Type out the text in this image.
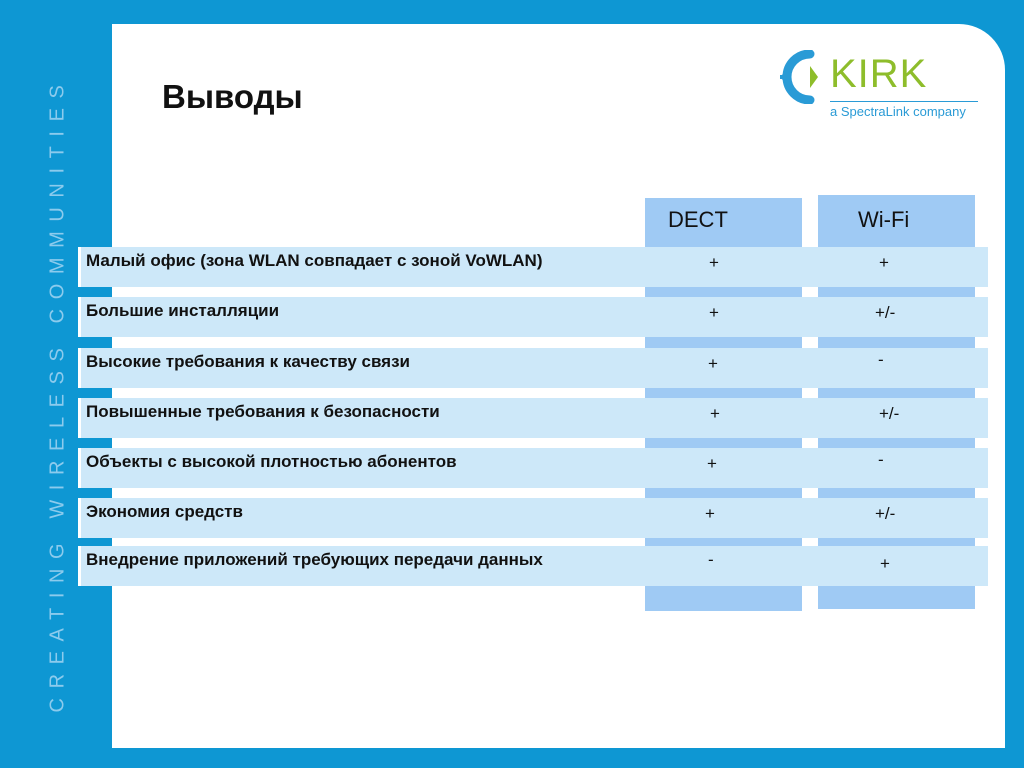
CREATING WIRELESS COMMUNITIES	Выводы
KIRK
a SpectraLink company
DECT	Wi-Fi
Малый офис (зона WLAN совпадает с зоной VoWLAN)	+	+
Большие инсталляции	+	+/-
Высокие требования к качеству связи	+	-
Повышенные требования к безопасности	+	+/-
Объекты с высокой плотностью абонентов	+	-
Экономия средств	+	+/-
Внедрение приложений требующих передачи данных	-	+
